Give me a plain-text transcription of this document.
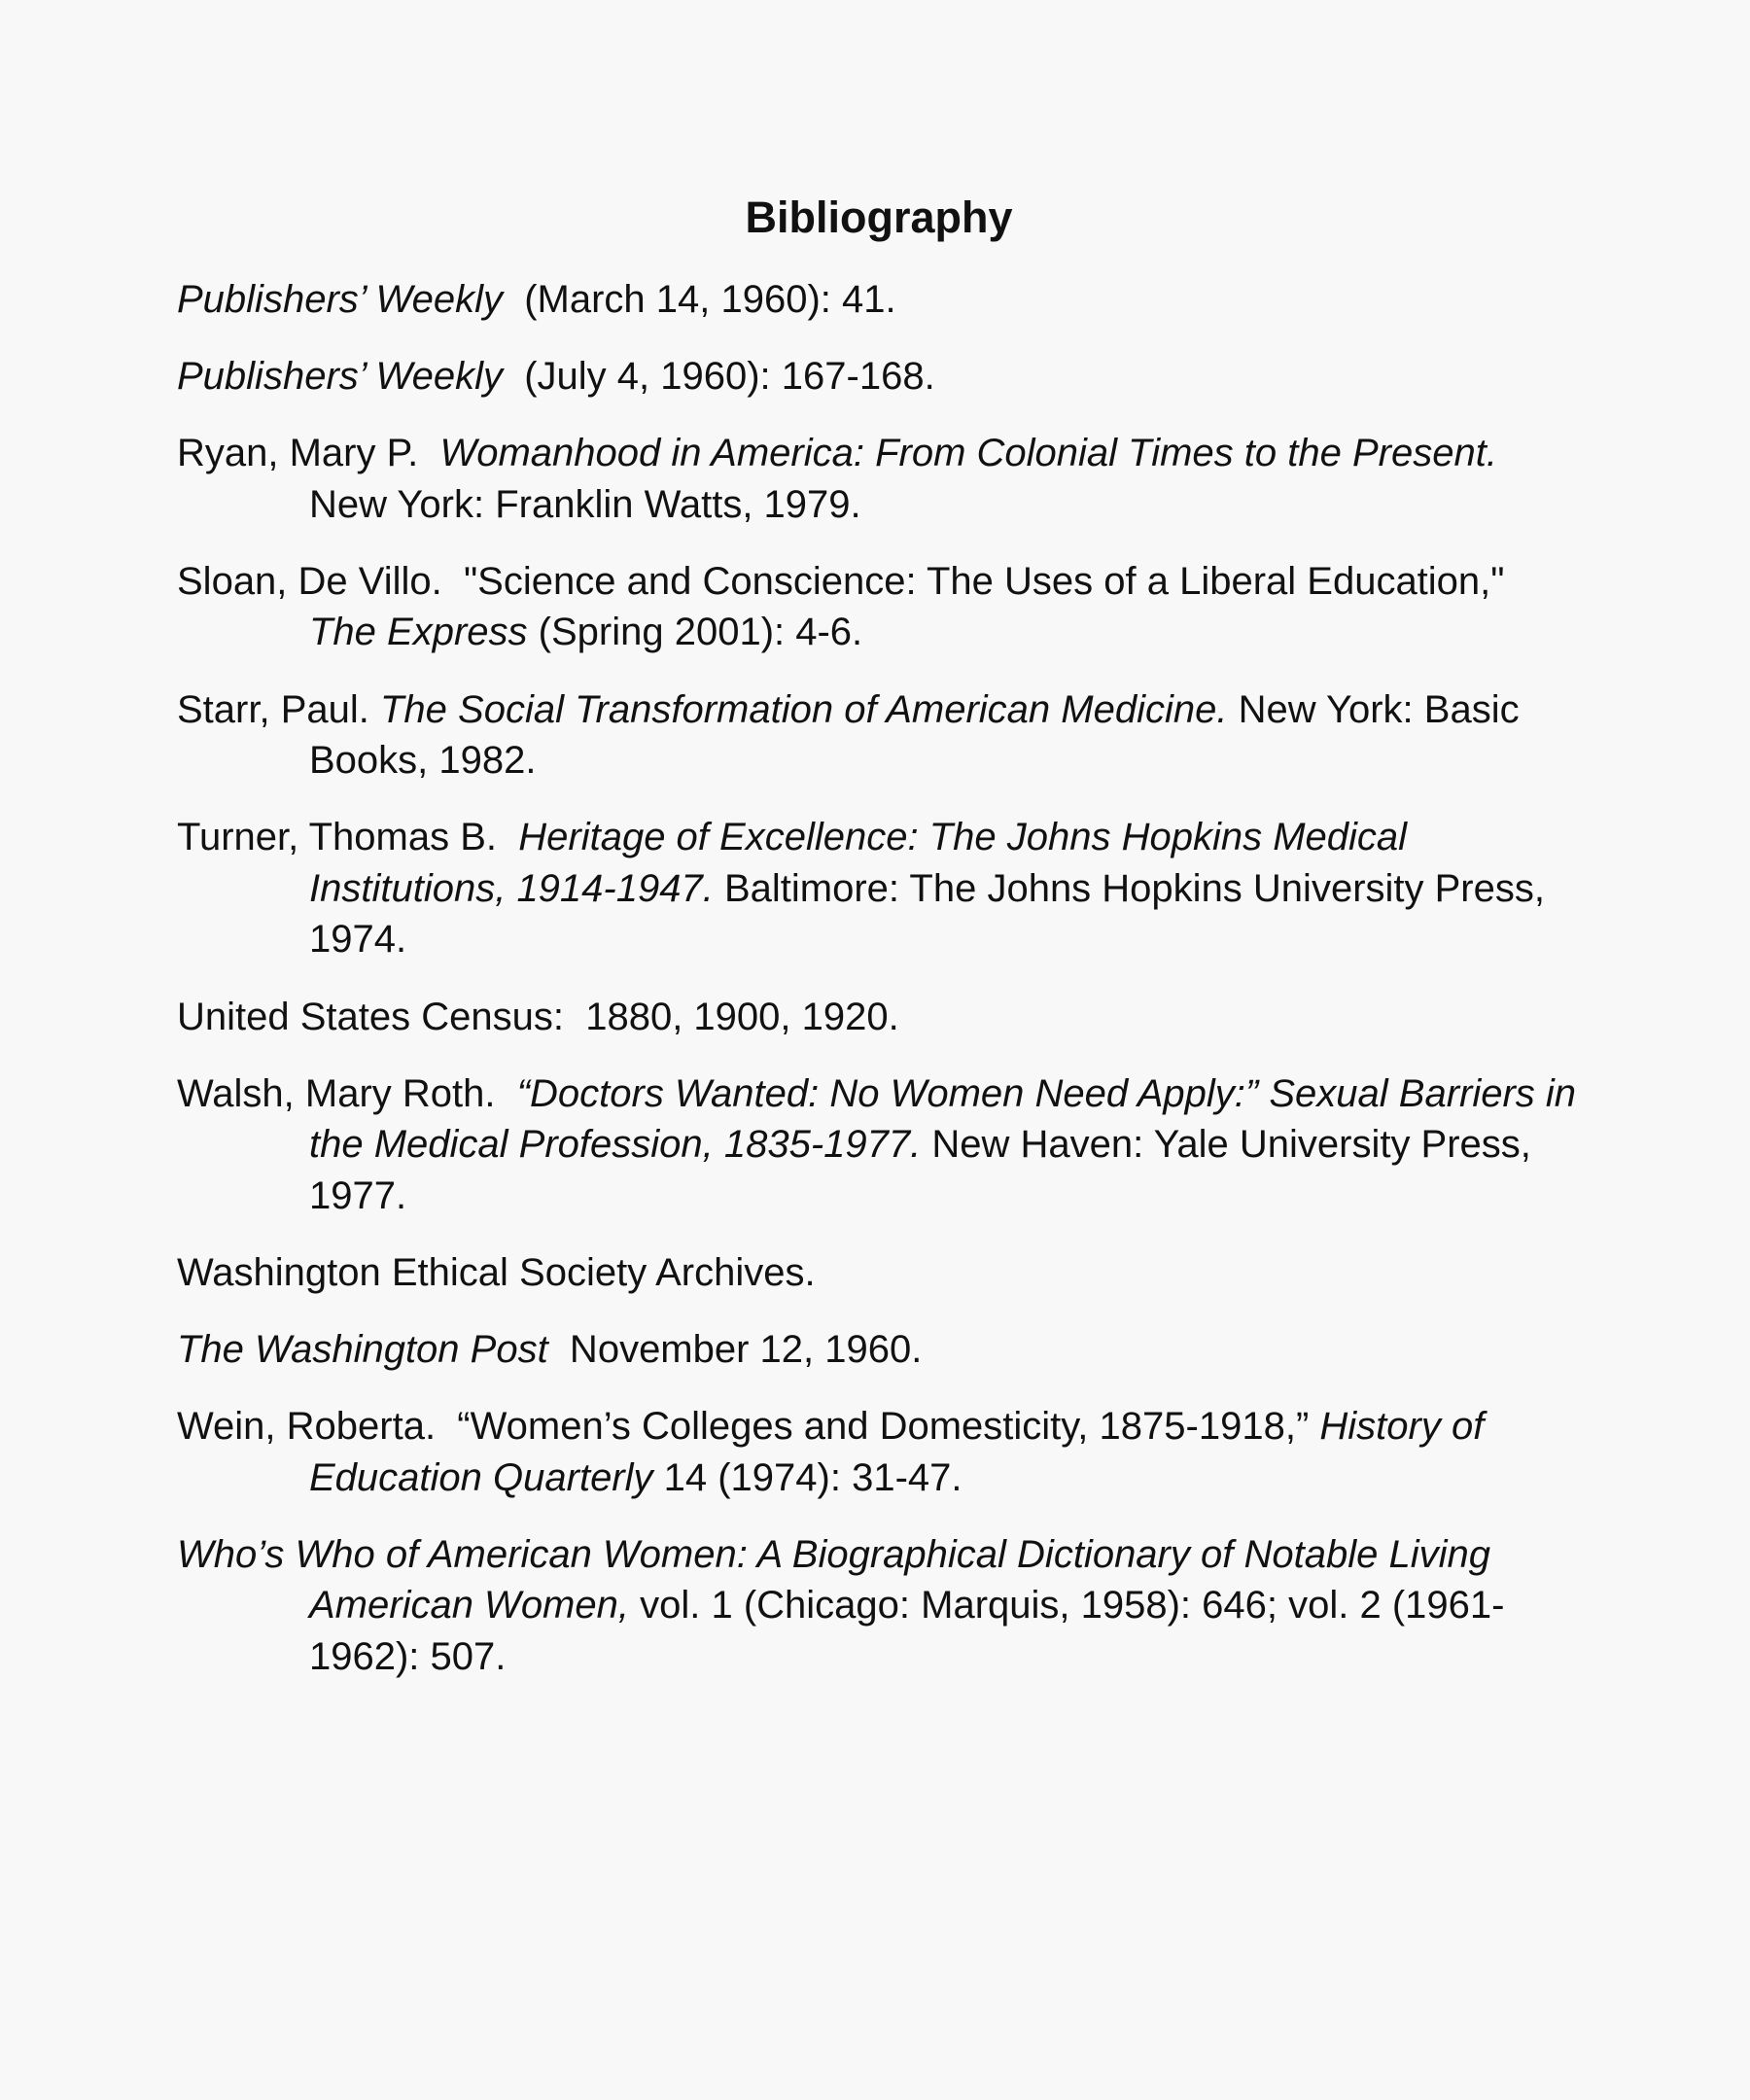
Bibliography
Publishers’ Weekly  (March 14, 1960): 41.
Publishers’ Weekly  (July 4, 1960): 167-168.
Ryan, Mary P.  Womanhood in America: From Colonial Times to the Present. New York: Franklin Watts, 1979.
Sloan, De Villo.  "Science and Conscience: The Uses of a Liberal Education," The Express (Spring 2001): 4-6.
Starr, Paul. The Social Transformation of American Medicine. New York: Basic Books, 1982.
Turner, Thomas B.  Heritage of Excellence: The Johns Hopkins Medical Institutions, 1914-1947. Baltimore: The Johns Hopkins University Press, 1974.
United States Census:  1880, 1900, 1920.
Walsh, Mary Roth.  “Doctors Wanted: No Women Need Apply:” Sexual Barriers in the Medical Profession, 1835-1977. New Haven: Yale University Press, 1977.
Washington Ethical Society Archives.
The Washington Post  November 12, 1960.
Wein, Roberta.  “Women’s Colleges and Domesticity, 1875-1918,” History of Education Quarterly 14 (1974): 31-47.
Who’s Who of American Women: A Biographical Dictionary of Notable Living American Women, vol. 1 (Chicago: Marquis, 1958): 646; vol. 2 (1961-1962): 507.
